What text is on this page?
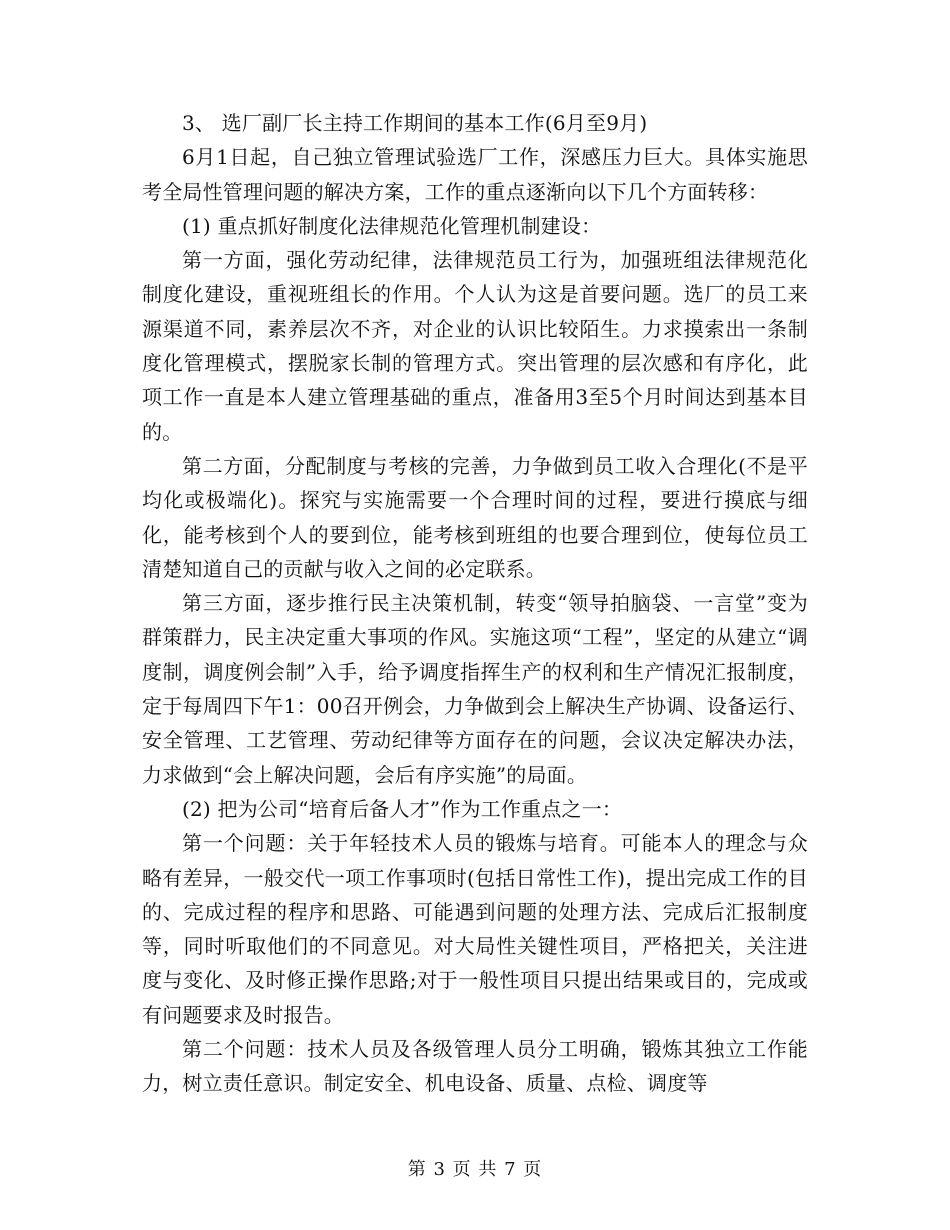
3、 选厂副厂长主持工作期间的基本工作(6月至9月)

6月1日起，自己独立管理试验选厂工作，深感压力巨大。具体实施思考全局性管理问题的解决方案，工作的重点逐渐向以下几个方面转移：

(1) 重点抓好制度化法律规范化管理机制建设：

第一方面，强化劳动纪律，法律规范员工行为，加强班组法律规范化制度化建设，重视班组长的作用。个人认为这是首要问题。选厂的员工来源渠道不同，素养层次不齐，对企业的认识比较陌生。力求摸索出一条制度化管理模式，摆脱家长制的管理方式。突出管理的层次感和有序化，此项工作一直是本人建立管理基础的重点，准备用3至5个月时间达到基本目的。

第二方面，分配制度与考核的完善，力争做到员工收入合理化(不是平均化或极端化)。探究与实施需要一个合理时间的过程，要进行摸底与细化，能考核到个人的要到位，能考核到班组的也要合理到位，使每位员工清楚知道自己的贡献与收入之间的必定联系。

第三方面，逐步推行民主决策机制，转变“领导拍脑袋、一言堂”变为群策群力，民主决定重大事项的作风。实施这项“工程”，坚定的从建立“调度制，调度例会制”入手，给予调度指挥生产的权利和生产情况汇报制度，定于每周四下午1：00召开例会，力争做到会上解决生产协调、设备运行、安全管理、工艺管理、劳动纪律等方面存在的问题，会议决定解决办法，力求做到“会上解决问题，会后有序实施”的局面。

(2) 把为公司“培育后备人才”作为工作重点之一：

第一个问题：关于年轻技术人员的锻炼与培育。可能本人的理念与众略有差异，一般交代一项工作事项时(包括日常性工作)，提出完成工作的目的、完成过程的程序和思路、可能遇到问题的处理方法、完成后汇报制度等，同时听取他们的不同意见。对大局性关键性项目，严格把关，关注进度与变化、及时修正操作思路;对于一般性项目只提出结果或目的，完成或有问题要求及时报告。

第二个问题：技术人员及各级管理人员分工明确，锻炼其独立工作能力，树立责任意识。制定安全、机电设备、质量、点检、调度等

第 3 页 共 7 页
